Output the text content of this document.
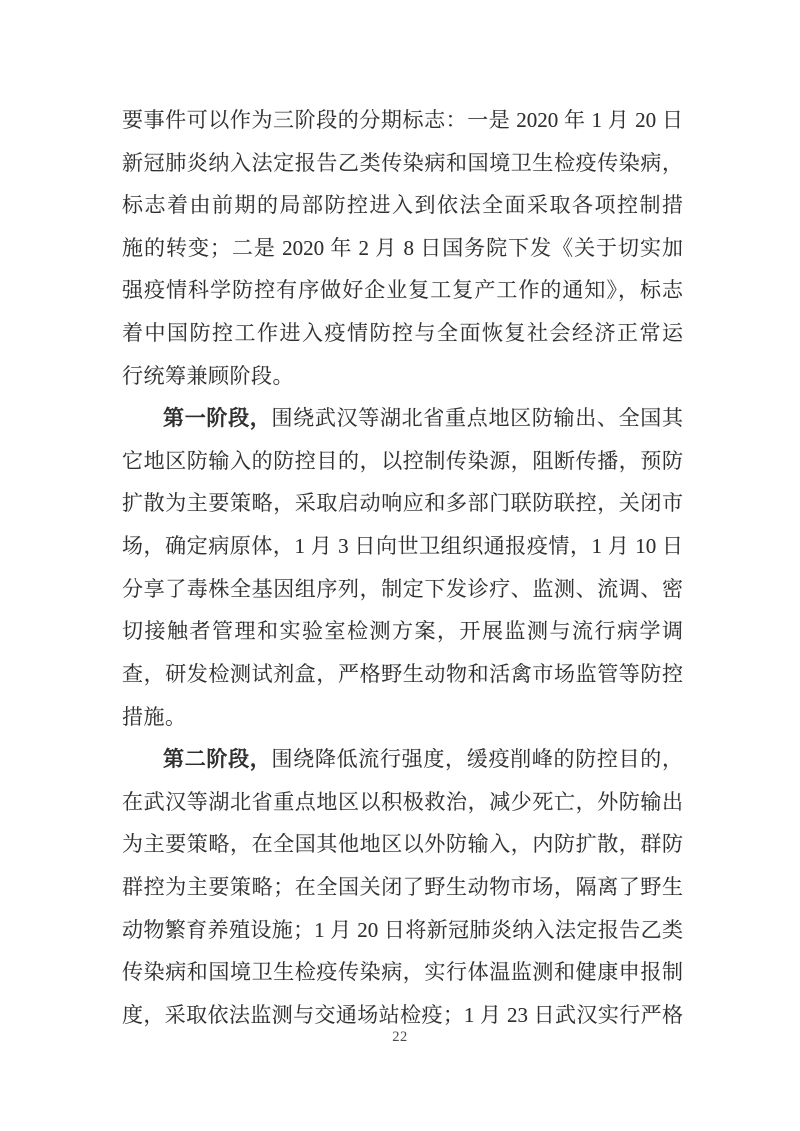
要事件可以作为三阶段的分期标志：一是 2020 年 1 月 20 日
新冠肺炎纳入法定报告乙类传染病和国境卫生检疫传染病，
标志着由前期的局部防控进入到依法全面采取各项控制措
施的转变；二是 2020 年 2 月 8 日国务院下发《关于切实加
强疫情科学防控有序做好企业复工复产工作的通知》，标志
着中国防控工作进入疫情防控与全面恢复社会经济正常运
行统筹兼顾阶段。
第一阶段，围绕武汉等湖北省重点地区防输出、全国其
它地区防输入的防控目的，以控制传染源，阻断传播，预防
扩散为主要策略，采取启动响应和多部门联防联控，关闭市
场，确定病原体，1 月 3 日向世卫组织通报疫情，1 月 10 日
分享了毒株全基因组序列，制定下发诊疗、监测、流调、密
切接触者管理和实验室检测方案，开展监测与流行病学调
查，研发检测试剂盒，严格野生动物和活禽市场监管等防控
措施。
第二阶段，围绕降低流行强度，缓疫削峰的防控目的，
在武汉等湖北省重点地区以积极救治，减少死亡，外防输出
为主要策略，在全国其他地区以外防输入，内防扩散，群防
群控为主要策略；在全国关闭了野生动物市场，隔离了野生
动物繁育养殖设施；1 月 20 日将新冠肺炎纳入法定报告乙类
传染病和国境卫生检疫传染病，实行体温监测和健康申报制
度，采取依法监测与交通场站检疫；1 月 23 日武汉实行严格
22
